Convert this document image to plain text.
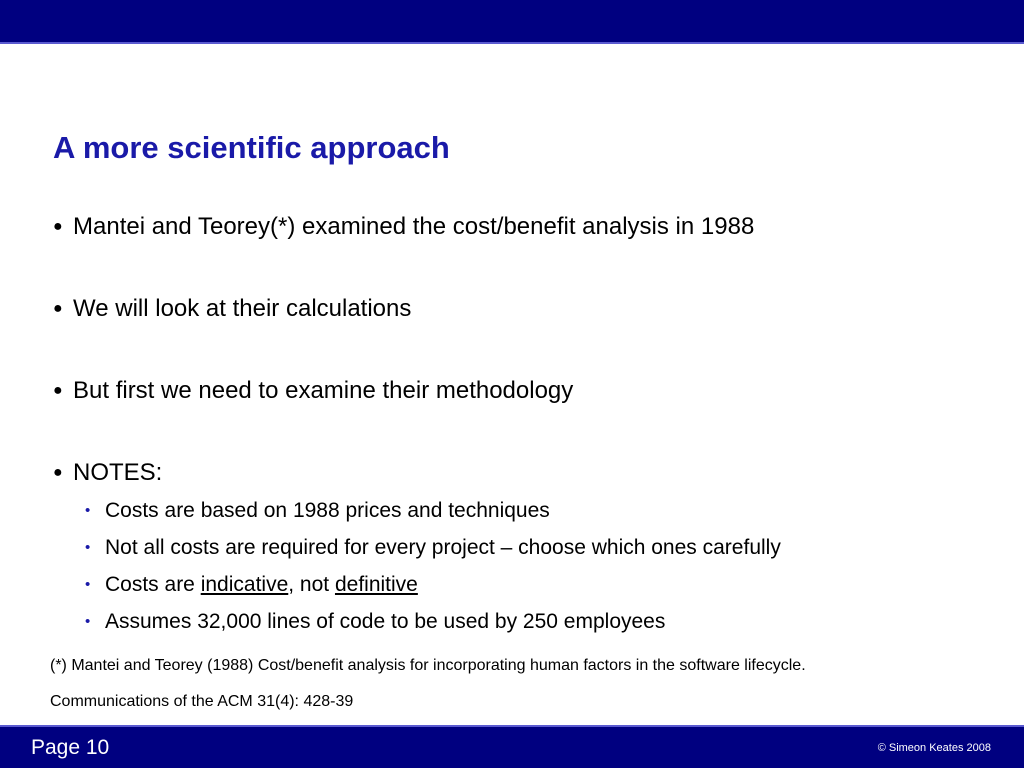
A more scientific approach
● Mantei and Teorey(*) examined the cost/benefit analysis in 1988
● We will look at their calculations
● But first we need to examine their methodology
● NOTES:
• Costs are based on 1988 prices and techniques
• Not all costs are required for every project – choose which ones carefully
• Costs are indicative, not definitive
• Assumes 32,000 lines of code to be used by 250 employees
(*) Mantei and Teorey (1988) Cost/benefit analysis for incorporating human factors in the software lifecycle.
Communications of the ACM 31(4): 428-39
Page 10	© Simeon Keates 2008
